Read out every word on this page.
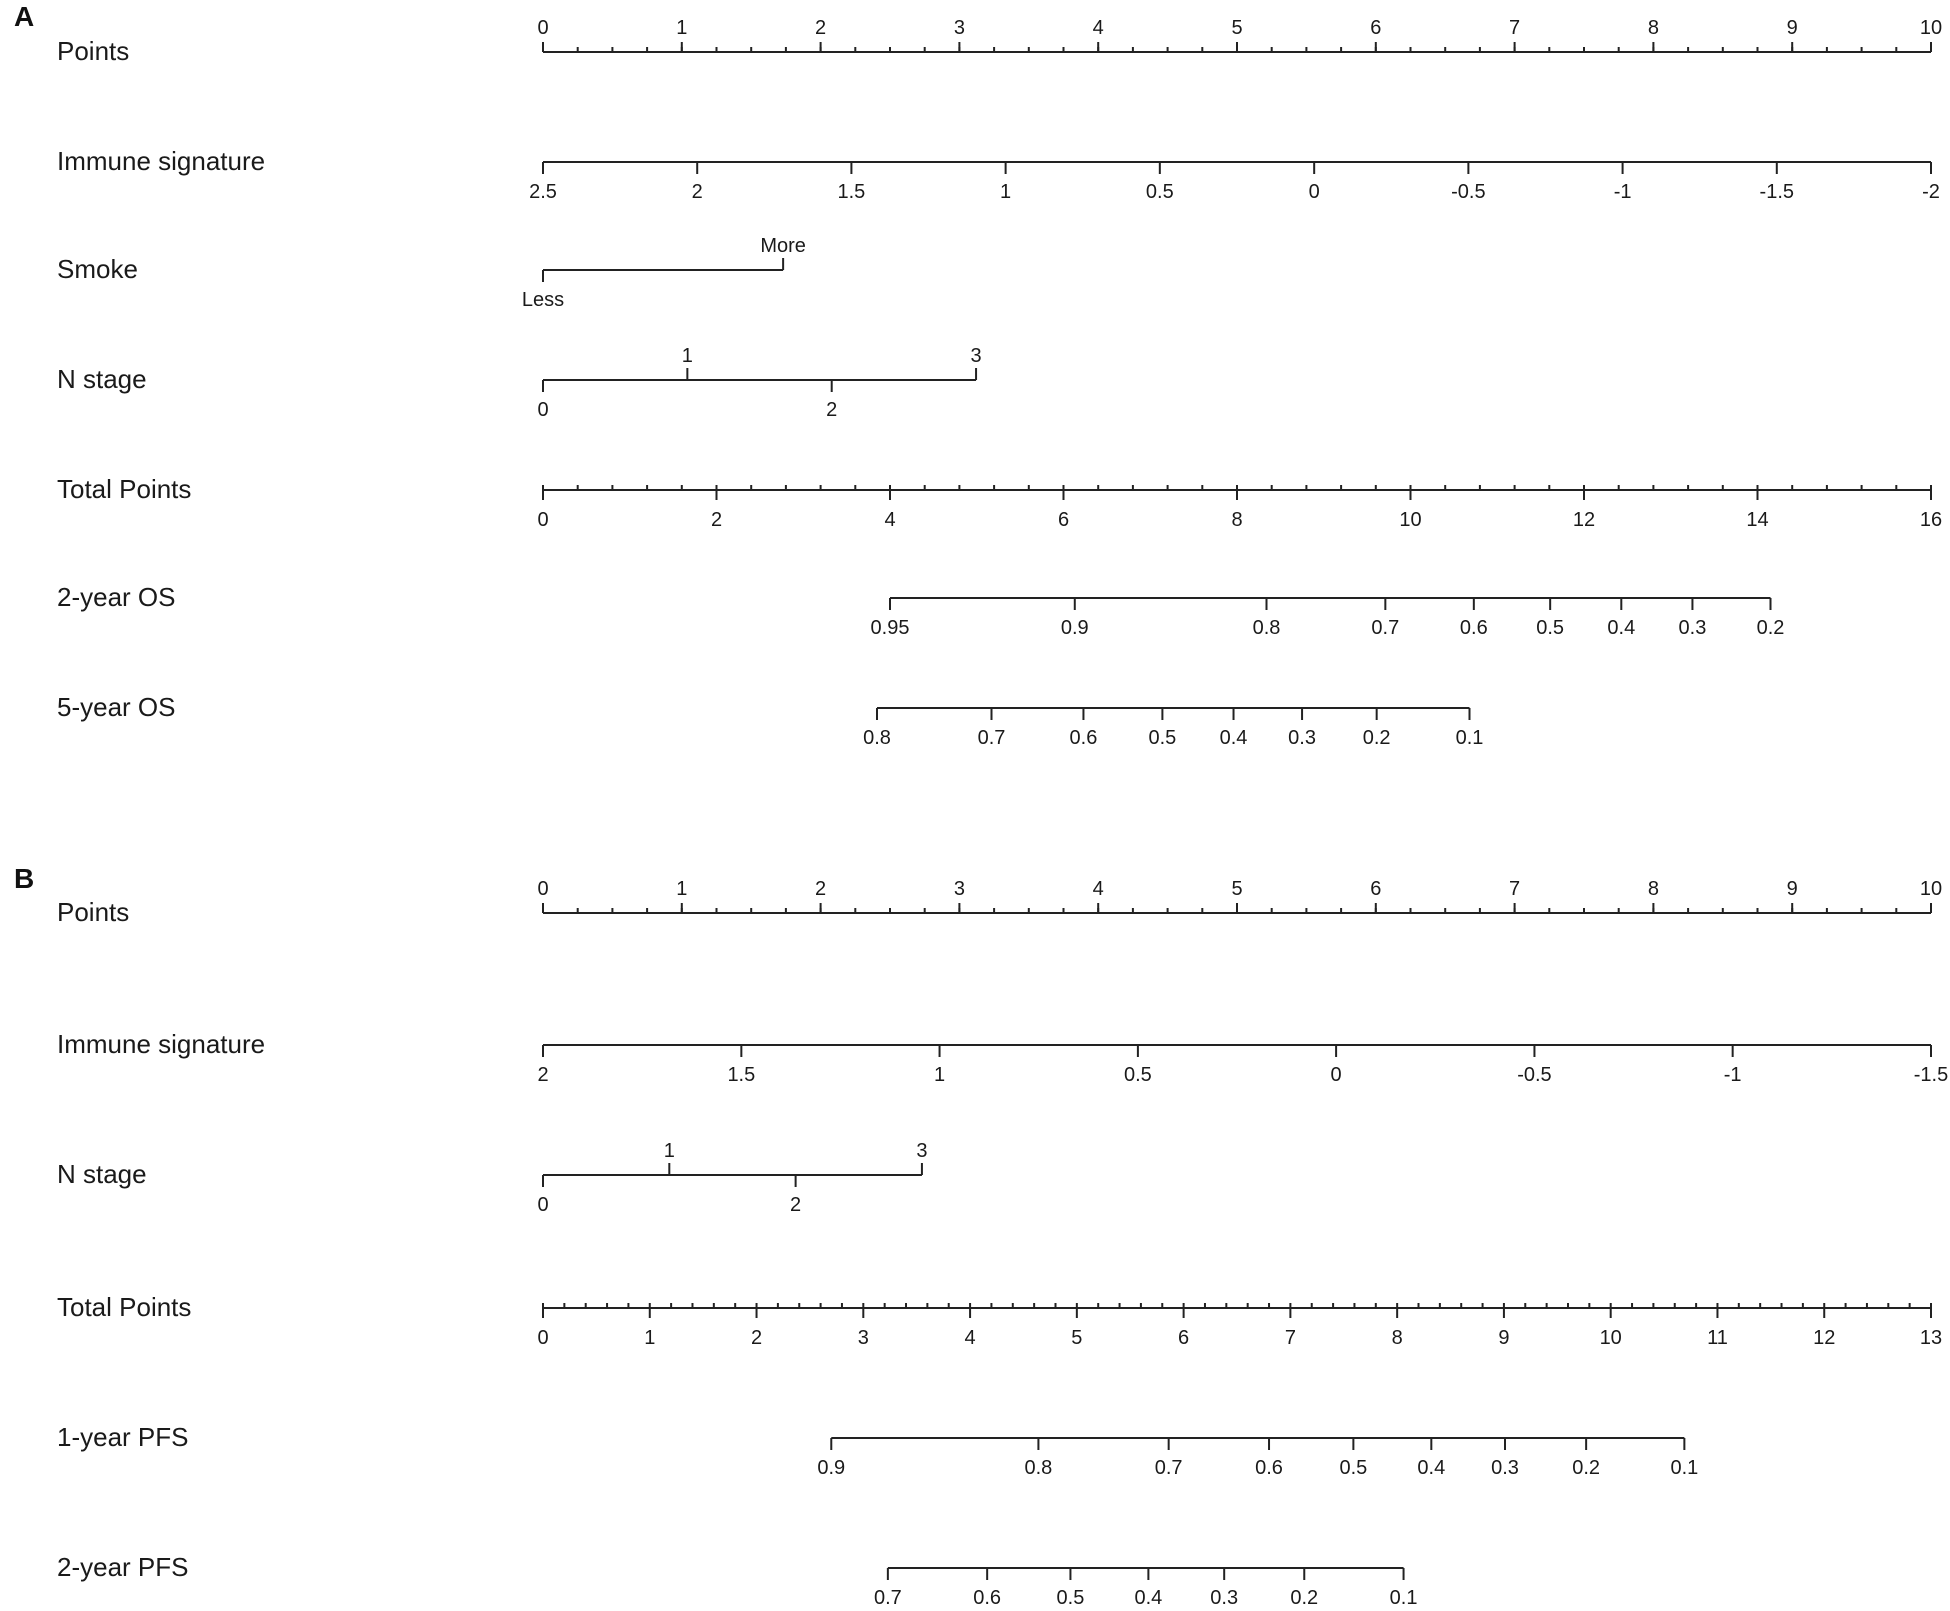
A
Points
0	1	2	3	4	5	6	7	8	9	10
Immune signature
2.5	2	1.5	1	0.5	0	-0.5	-1	-1.5	-2
Smoke
Less
More
N stage
0
1
2
3
Total Points
0	2	4	6	8	10	12	14	16
2-year OS
0.95	0.9	0.8	0.7	0.6 0.5 0.4 0.3	0.2
5-year OS
0.8	0.7	0.6	0.5 0.4 0.3 0.2	0.1
B
Points
0	1	2	3	4	5	6	7	8	9	10
Immune signature
2	1.5	1	0.5	0	-0.5	-1	-1.5
N stage
0
1
2
3
Total Points
0	1	2	3	4	5	6	7	8	9	10	11	12	13
1-year PFS
0.9	0.8	0.7	0.6	0.5	0.4 0.3	0.2	0.1
2-year PFS
0.7	0.6	0.5	0.4 0.3	0.2	0.1
